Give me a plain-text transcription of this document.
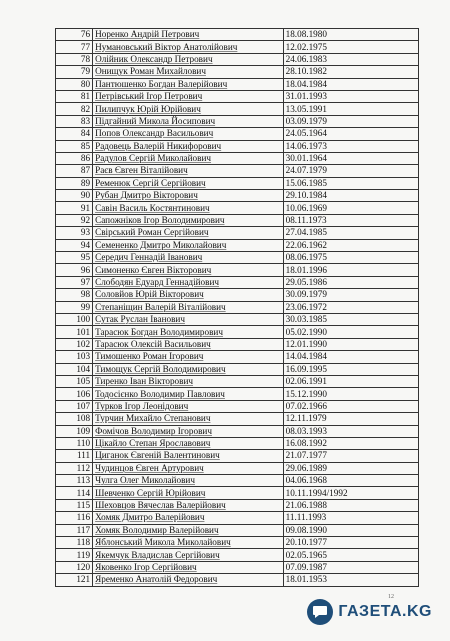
76	Норенко Андрій Петрович	18.08.1980
77	Нумановський Віктор Анатолійович	12.02.1975
78	Олійник Олександр Петрович	24.06.1983
79	Онищук Роман Михайлович	28.10.1982
80	Пантюшенко Богдан Валерійович	18.04.1984
81	Петрівський Ігор Петрович	31.01.1993
82	Пилипчук Юрій Юрійович	13.05.1991
83	Підгайний Микола Йосипович	03.09.1979
84	Попов Олександр Васильович	24.05.1964
85	Радовець Валерій Никифорович	14.06.1973
86	Радулов Сергій Миколайович	30.01.1964
87	Раєв Євген Віталійович	24.07.1979
89	Ременюк Сергій Сергійович	15.06.1985
90	Рубан Дмитро Вікторович	29.10.1984
91	Савін Василь Костянтинович	10.06.1969
92	Сапожніков Ігор Володимирович	08.11.1973
93	Свірський Роман Сергійович	27.04.1985
94	Семененко Дмитро Миколайович	22.06.1962
95	Середич Геннадій Іванович	08.06.1975
96	Симоненко Євген Вікторович	18.01.1996
97	Слободян Едуард Геннадійович	29.05.1986
98	Соловйов Юрій Вікторович	30.09.1979
99	Степаніщин Валерій Віталійович	23.06.1972
100	Сутак Руслан Іванович	30.03.1985
101	Тарасюк Богдан Володимирович	05.02.1990
102	Тарасюк Олексій Васильович	12.01.1990
103	Тимошенко Роман Ігорович	14.04.1984
104	Тимощук Сергій Володимирович	16.09.1995
105	Тиренко Іван Вікторович	02.06.1991
106	Тодосієнко Володимир Павлович	15.12.1990
107	Турков Ігор Леонідович	07.02.1966
108	Турчин Михайло Степанович	12.11.1979
109	Фомічов Володимир Ігорович	08.03.1993
110	Цікайло Степан Ярославович	16.08.1992
111	Циганок Євгеній Валентинович	21.07.1977
112	Чудинцов Євген Артурович	29.06.1989
113	Чулга Олег Миколайович	04.06.1968
114	Шевченко Сергій Юрійович	10.11.1994/1992
115	Шеховцов Вячеслав Валерійович	21.06.1988
116	Хомяк Дмитро Валерійович	11.11.1993
117	Хомяк Володимир Валерійович	09.08.1990
118	Яблонський Микола Миколайович	20.10.1977
119	Якемчук Владислав Сергійович	02.05.1965
120	Яковенко Ігор Сергійович	07.09.1987
121	Яременко Анатолій Федорович	18.01.1953
12
ГАЗЕТА.KG
